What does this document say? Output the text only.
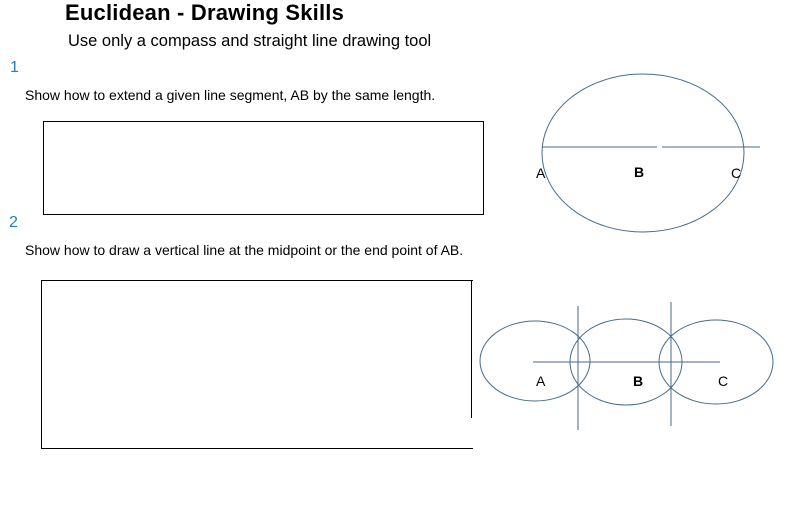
Euclidean - Drawing Skills
Use only a compass and straight line drawing tool
1
Show how to extend a given line segment, AB by the same length.
2
Show how to draw a vertical line at the midpoint or the end point of AB.
A	B	C
A	B	C
